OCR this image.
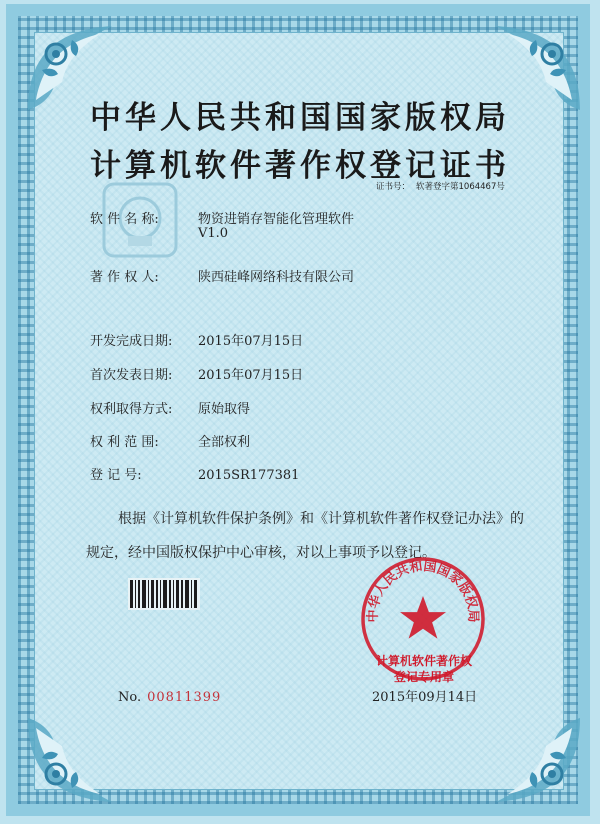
中华人民共和国国家版权局
计算机软件著作权登记证书
证书号： 软著登字第1064467号
软 件 名 称:	物资进销存智能化管理软件
V1.0
著 作 权 人:	陕西硅峰网络科技有限公司
开发完成日期: 2015年07月15日
首次发表日期: 2015年07月15日
权利取得方式: 原始取得
权 利 范 围:	全部权利
登 记 号:	2015SR177381
根据《计算机软件保护条例》和《计算机软件著作权登记办法》的
规定，经中国版权保护中心审核，对以上事项予以登记。
No. 00811399
中华人民共和国国家版权局
计算机软件著作权
登记专用章
2015年09月14日
